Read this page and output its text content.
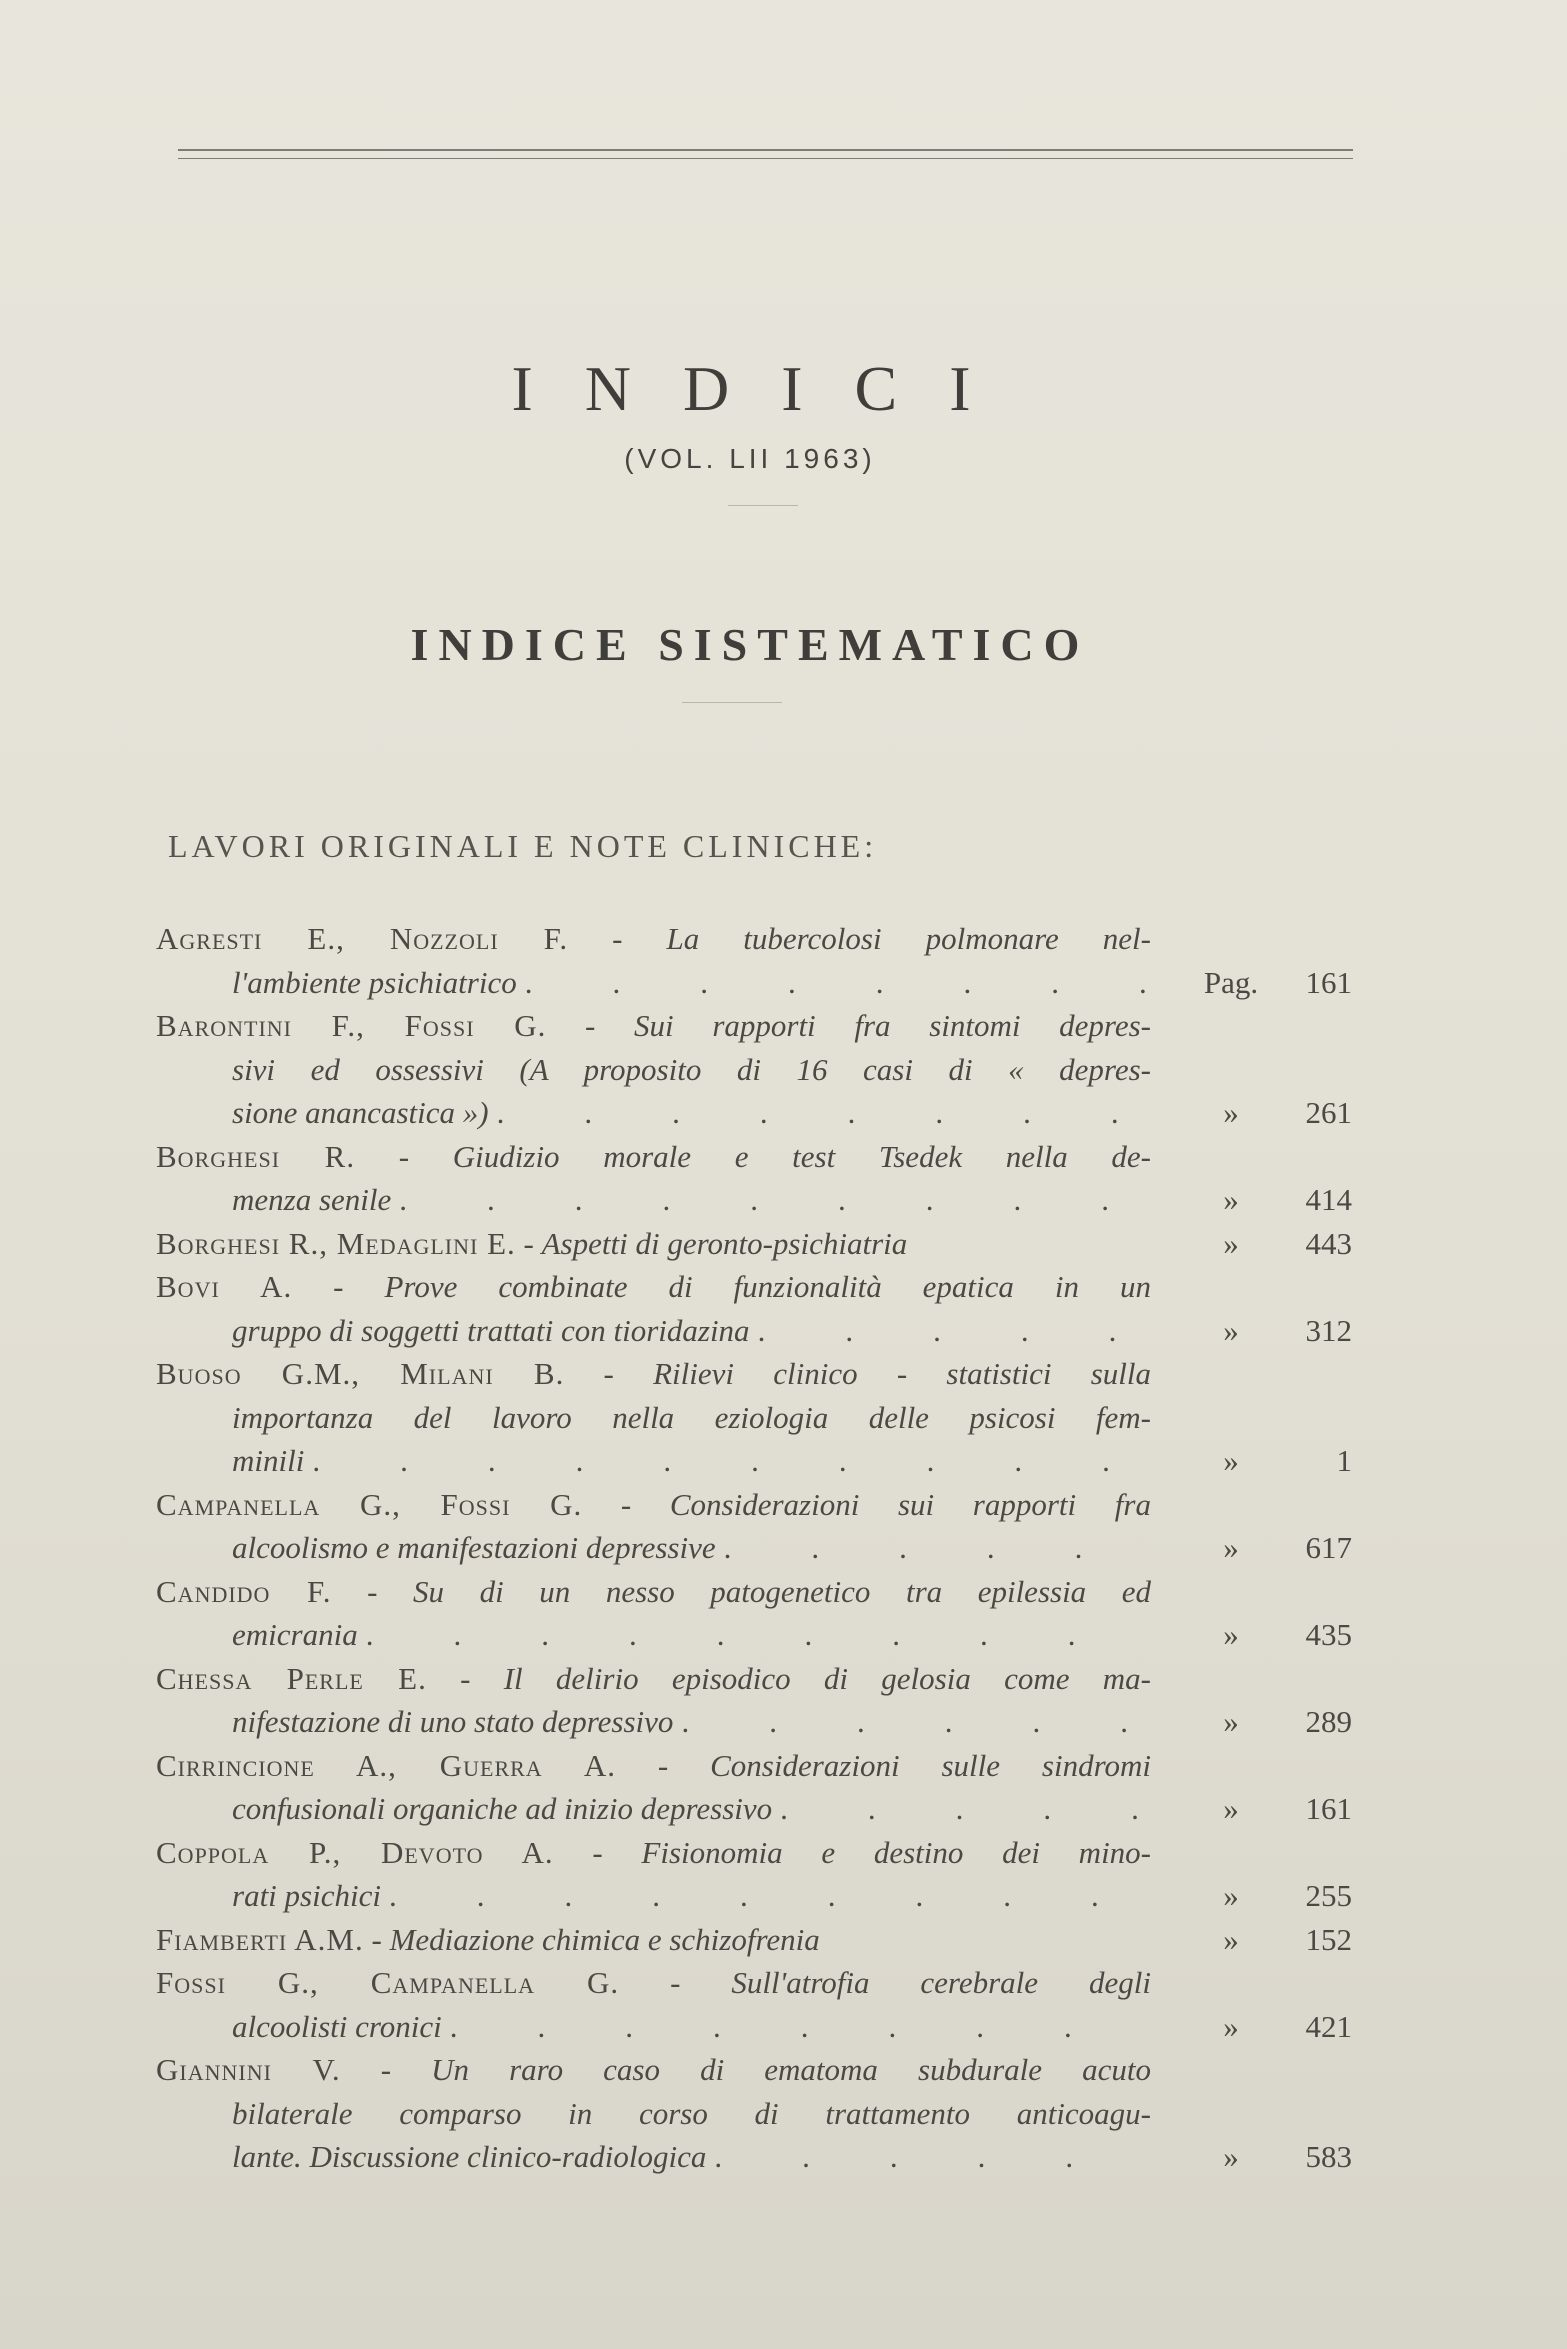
I N D I C I
(VOL. LII 1963)
INDICE SISTEMATICO
LAVORI ORIGINALI E NOTE CLINICHE:
Agresti E., Nozzoli F. - La tubercolosi polmonare nel-
l'ambiente psichiatrico .	Pag.	161
Barontini F., Fossi G. - Sui rapporti fra sintomi depres-
sivi ed ossessivi (A proposito di 16 casi di « depres-
sione anancastica ») .	»	261
Borghesi R. - Giudizio morale e test Tsedek nella de-
menza senile .	»	414
Borghesi R., Medaglini E. - Aspetti di geronto-psichiatria	»	443
Bovi A. - Prove combinate di funzionalità epatica in un
gruppo di soggetti trattati con tioridazina .	»	312
Buoso G.M., Milani B. - Rilievi clinico - statistici sulla
importanza del lavoro nella eziologia delle psicosi fem-
minili .	»	1
Campanella G., Fossi G. - Considerazioni sui rapporti fra
alcoolismo e manifestazioni depressive .	»	617
Candido F. - Su di un nesso patogenetico tra epilessia ed
emicrania .	»	435
Chessa Perle E. - Il delirio episodico di gelosia come ma-
nifestazione di uno stato depressivo .	»	289
Cirrincione A., Guerra A. - Considerazioni sulle sindromi
confusionali organiche ad inizio depressivo .	»	161
Coppola P., Devoto A. - Fisionomia e destino dei mino-
rati psichici .	»	255
Fiamberti A.M. - Mediazione chimica e schizofrenia	»	152
Fossi G., Campanella G. - Sull'atrofia cerebrale degli
alcoolisti cronici .	»	421
Giannini V. - Un raro caso di ematoma subdurale acuto
bilaterale comparso in corso di trattamento anticoagu-
lante. Discussione clinico-radiologica .	»	583
